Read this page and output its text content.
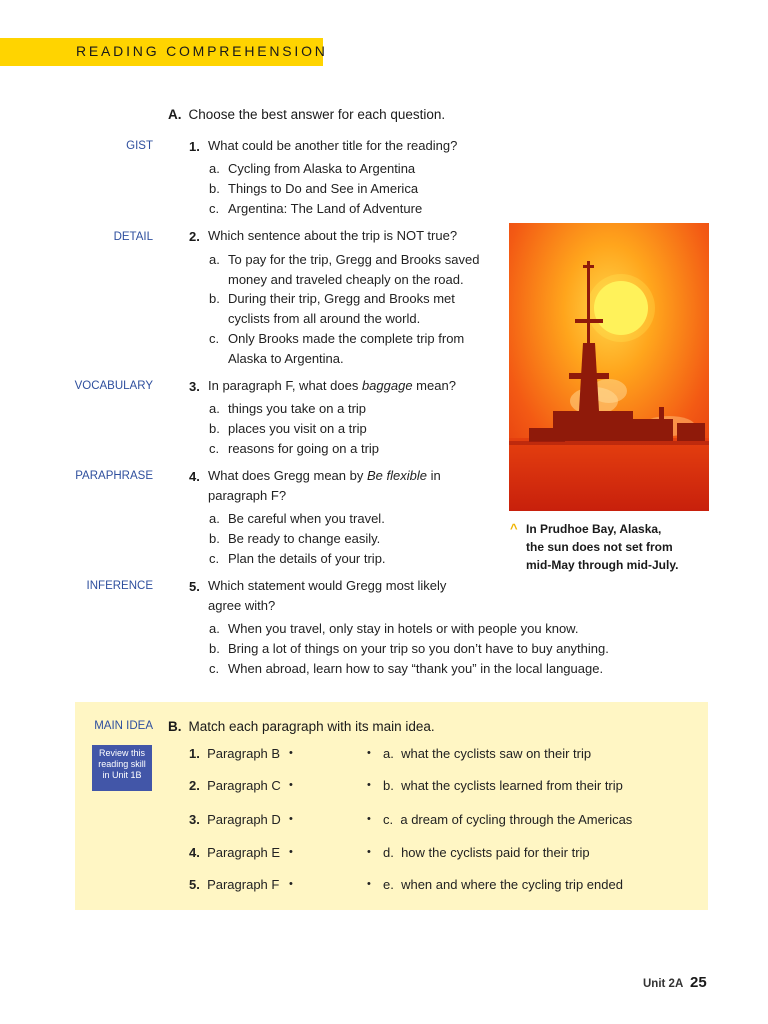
READING COMPREHENSION
A. Choose the best answer for each question.
GIST	1. What could be another title for the reading?
a. Cycling from Alaska to Argentina
b. Things to Do and See in America
c. Argentina: The Land of Adventure
DETAIL	2. Which sentence about the trip is NOT true?
a. To pay for the trip, Gregg and Brooks saved
money and traveled cheaply on the road.
b. During their trip, Gregg and Brooks met
cyclists from all around the world.
c. Only Brooks made the complete trip from
Alaska to Argentina.
VOCABULARY	3. In paragraph F, what does baggage mean?
a. things you take on a trip
b. places you visit on a trip
c. reasons for going on a trip
PARAPHRASE	4. What does Gregg mean by Be flexible in
paragraph F?
a. Be careful when you travel.
b. Be ready to change easily.
c. Plan the details of your trip.
INFERENCE	5. Which statement would Gregg most likely
agree with?
a. When you travel, only stay in hotels or with people you know.
b. Bring a lot of things on your trip so you don’t have to buy anything.
c. When abroad, learn how to say “thank you” in the local language.
^ In Prudhoe Bay, Alaska,
the sun does not set from
mid-May through mid-July.
MAIN IDEA
Review this
reading skill
in Unit 1B
B. Match each paragraph with its main idea.
1. Paragraph B •	• a. what the cyclists saw on their trip
2. Paragraph C •	• b. what the cyclists learned from their trip
3. Paragraph D •	• c. a dream of cycling through the Americas
4. Paragraph E •	• d. how the cyclists paid for their trip
5. Paragraph F •	• e. when and where the cycling trip ended
Unit 2A 25
